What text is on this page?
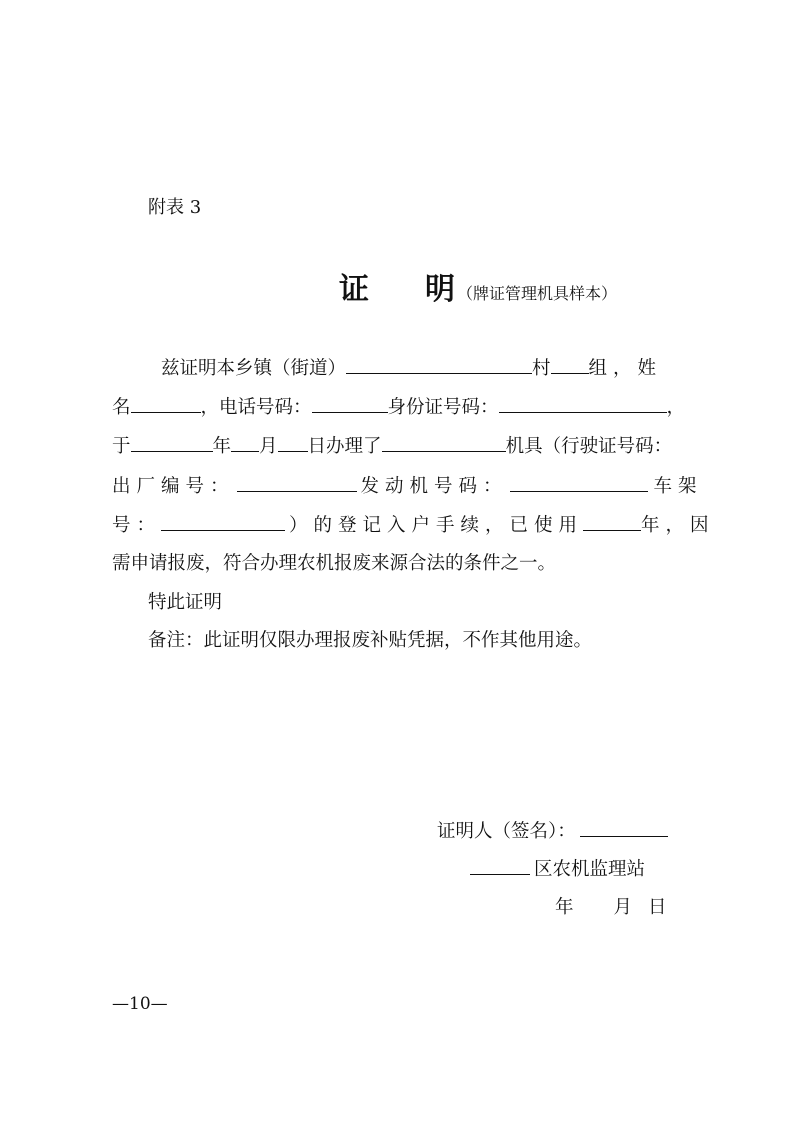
附表 3
证 明 （牌证管理机具样本）
兹证明本乡镇（街道）	村 组，姓
名	，电话号码：	身份证号码：	，
于	年 月 日办理了	机具（行驶证号码：
出厂编号：	发动机号码：	车架
号：	）的登记入户手续，已使用	年，因
需申请报废，符合办理农机报废来源合法的条件之一。
特此证明
备注：此证明仅限办理报废补贴凭据，不作其他用途。
证明人（签名）：
区农机监理站
年 月 日
—10—
